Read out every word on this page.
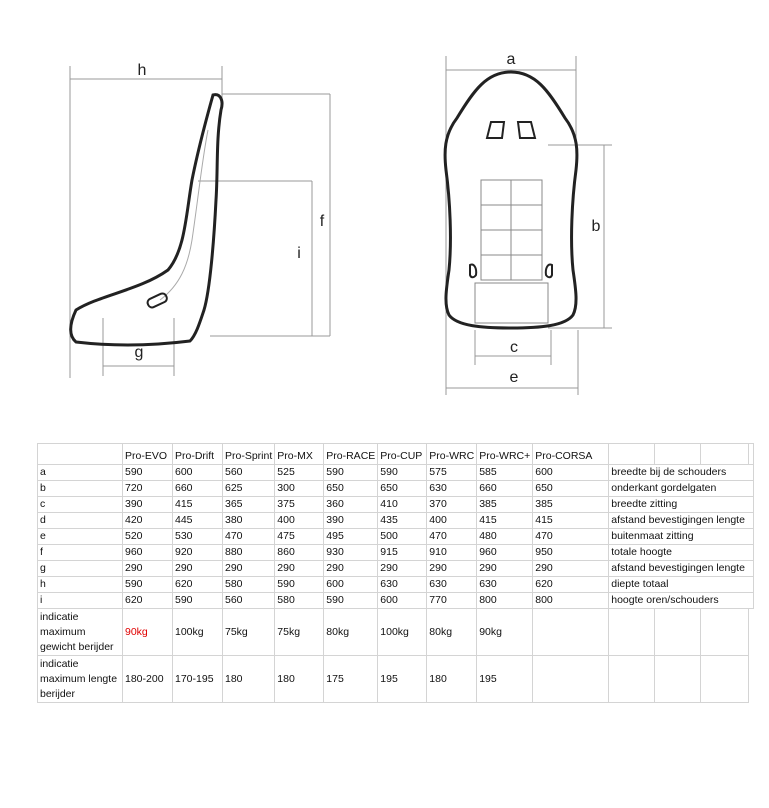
h
f
i
g
a
b
c
e
	Pro-EVO	Pro-Drift	Pro-Sprint	Pro-MX	Pro-RACE	Pro-CUP	Pro-WRC	Pro-WRC+	Pro-CORSA				
a	590	600	560	525	590	590	575	585	600	breedte bij de schouders			
b	720	660	625	300	650	650	630	660	650	onderkant gordelgaten			
c	390	415	365	375	360	410	370	385	385	breedte zitting			
d	420	445	380	400	390	435	400	415	415	afstand bevestigingen lengte			
e	520	530	470	475	495	500	470	480	470	buitenmaat zitting			
f	960	920	880	860	930	915	910	960	950	totale hoogte			
g	290	290	290	290	290	290	290	290	290	afstand bevestigingen lengte			
h	590	620	580	590	600	630	630	630	620	diepte totaal			
i	620	590	560	580	590	600	770	800	800	hoogte oren/schouders			
indicatie maximum gewicht berijder	90kg	100kg	75kg	75kg	80kg	100kg	80kg	90kg					
indicatie maximum lengte berijder	180-200	170-195	180	180	175	195	180	195					
